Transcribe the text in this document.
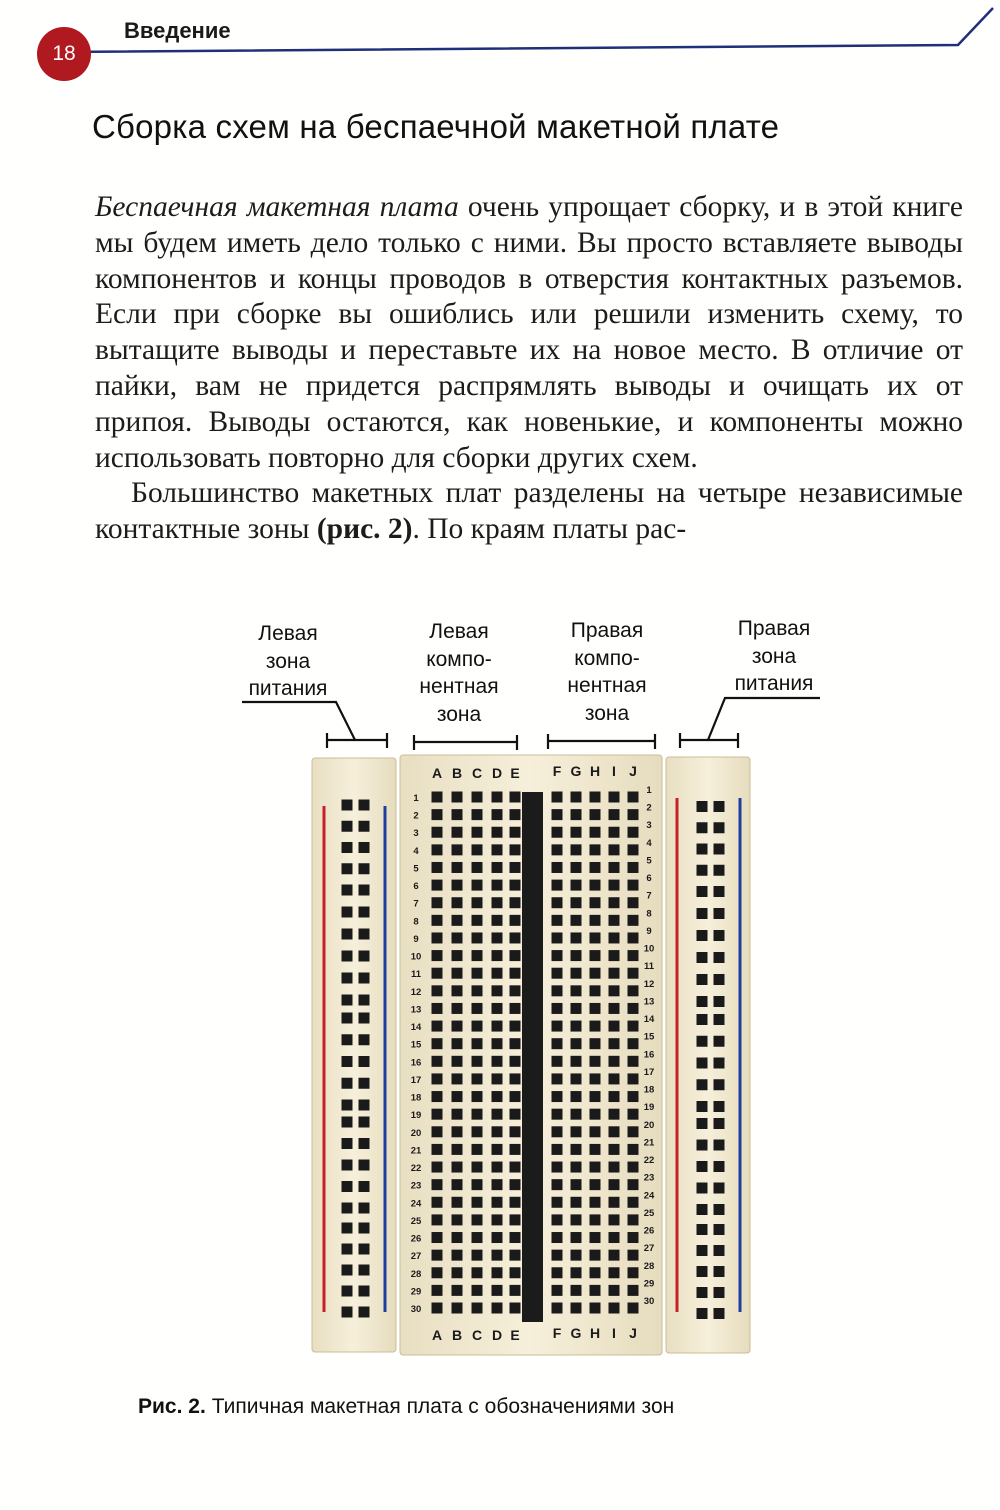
18
Введение
Сборка схем на беспаечной макетной плате

Беспаечная макетная плата очень упрощает сборку, и в этой книге мы будем иметь дело только с ними. Вы просто вставляете выводы компонентов и концы проводов в отверстия контактных разъемов. Если при сборке вы ошиблись или решили изменить схему, то вытащите выводы и переставьте их на новое место. В отличие от пайки, вам не придется распрямлять выводы и очищать их от припоя. Выводы остаются, как новенькие, и компоненты можно использовать повторно для сборки других схем.

Большинство макетных плат разделены на четыре независимые контактные зоны (рис. 2). По краям платы рас-

Левая
зона
питания
Левая
компо-
нентная
зона
Правая
компо-
нентная
зона
Правая
зона
питания
1
1
2
2
3
3
4
4
5
5
6
6
7
7
8
8
9
9
10
10
11
11
12
12
13
13
14
14
15
15
16
16
17
17
18
18
19
19
20
20
21
21
22
22
23
23
24
24
25
25
26
26
27
27
28
28
29
29
30
30
A
A
B
B
C
C
D
D
E
E
F
F
G
G
H
H
I
I
J
J
Рис. 2. Типичная макетная плата с обозначениями зон
